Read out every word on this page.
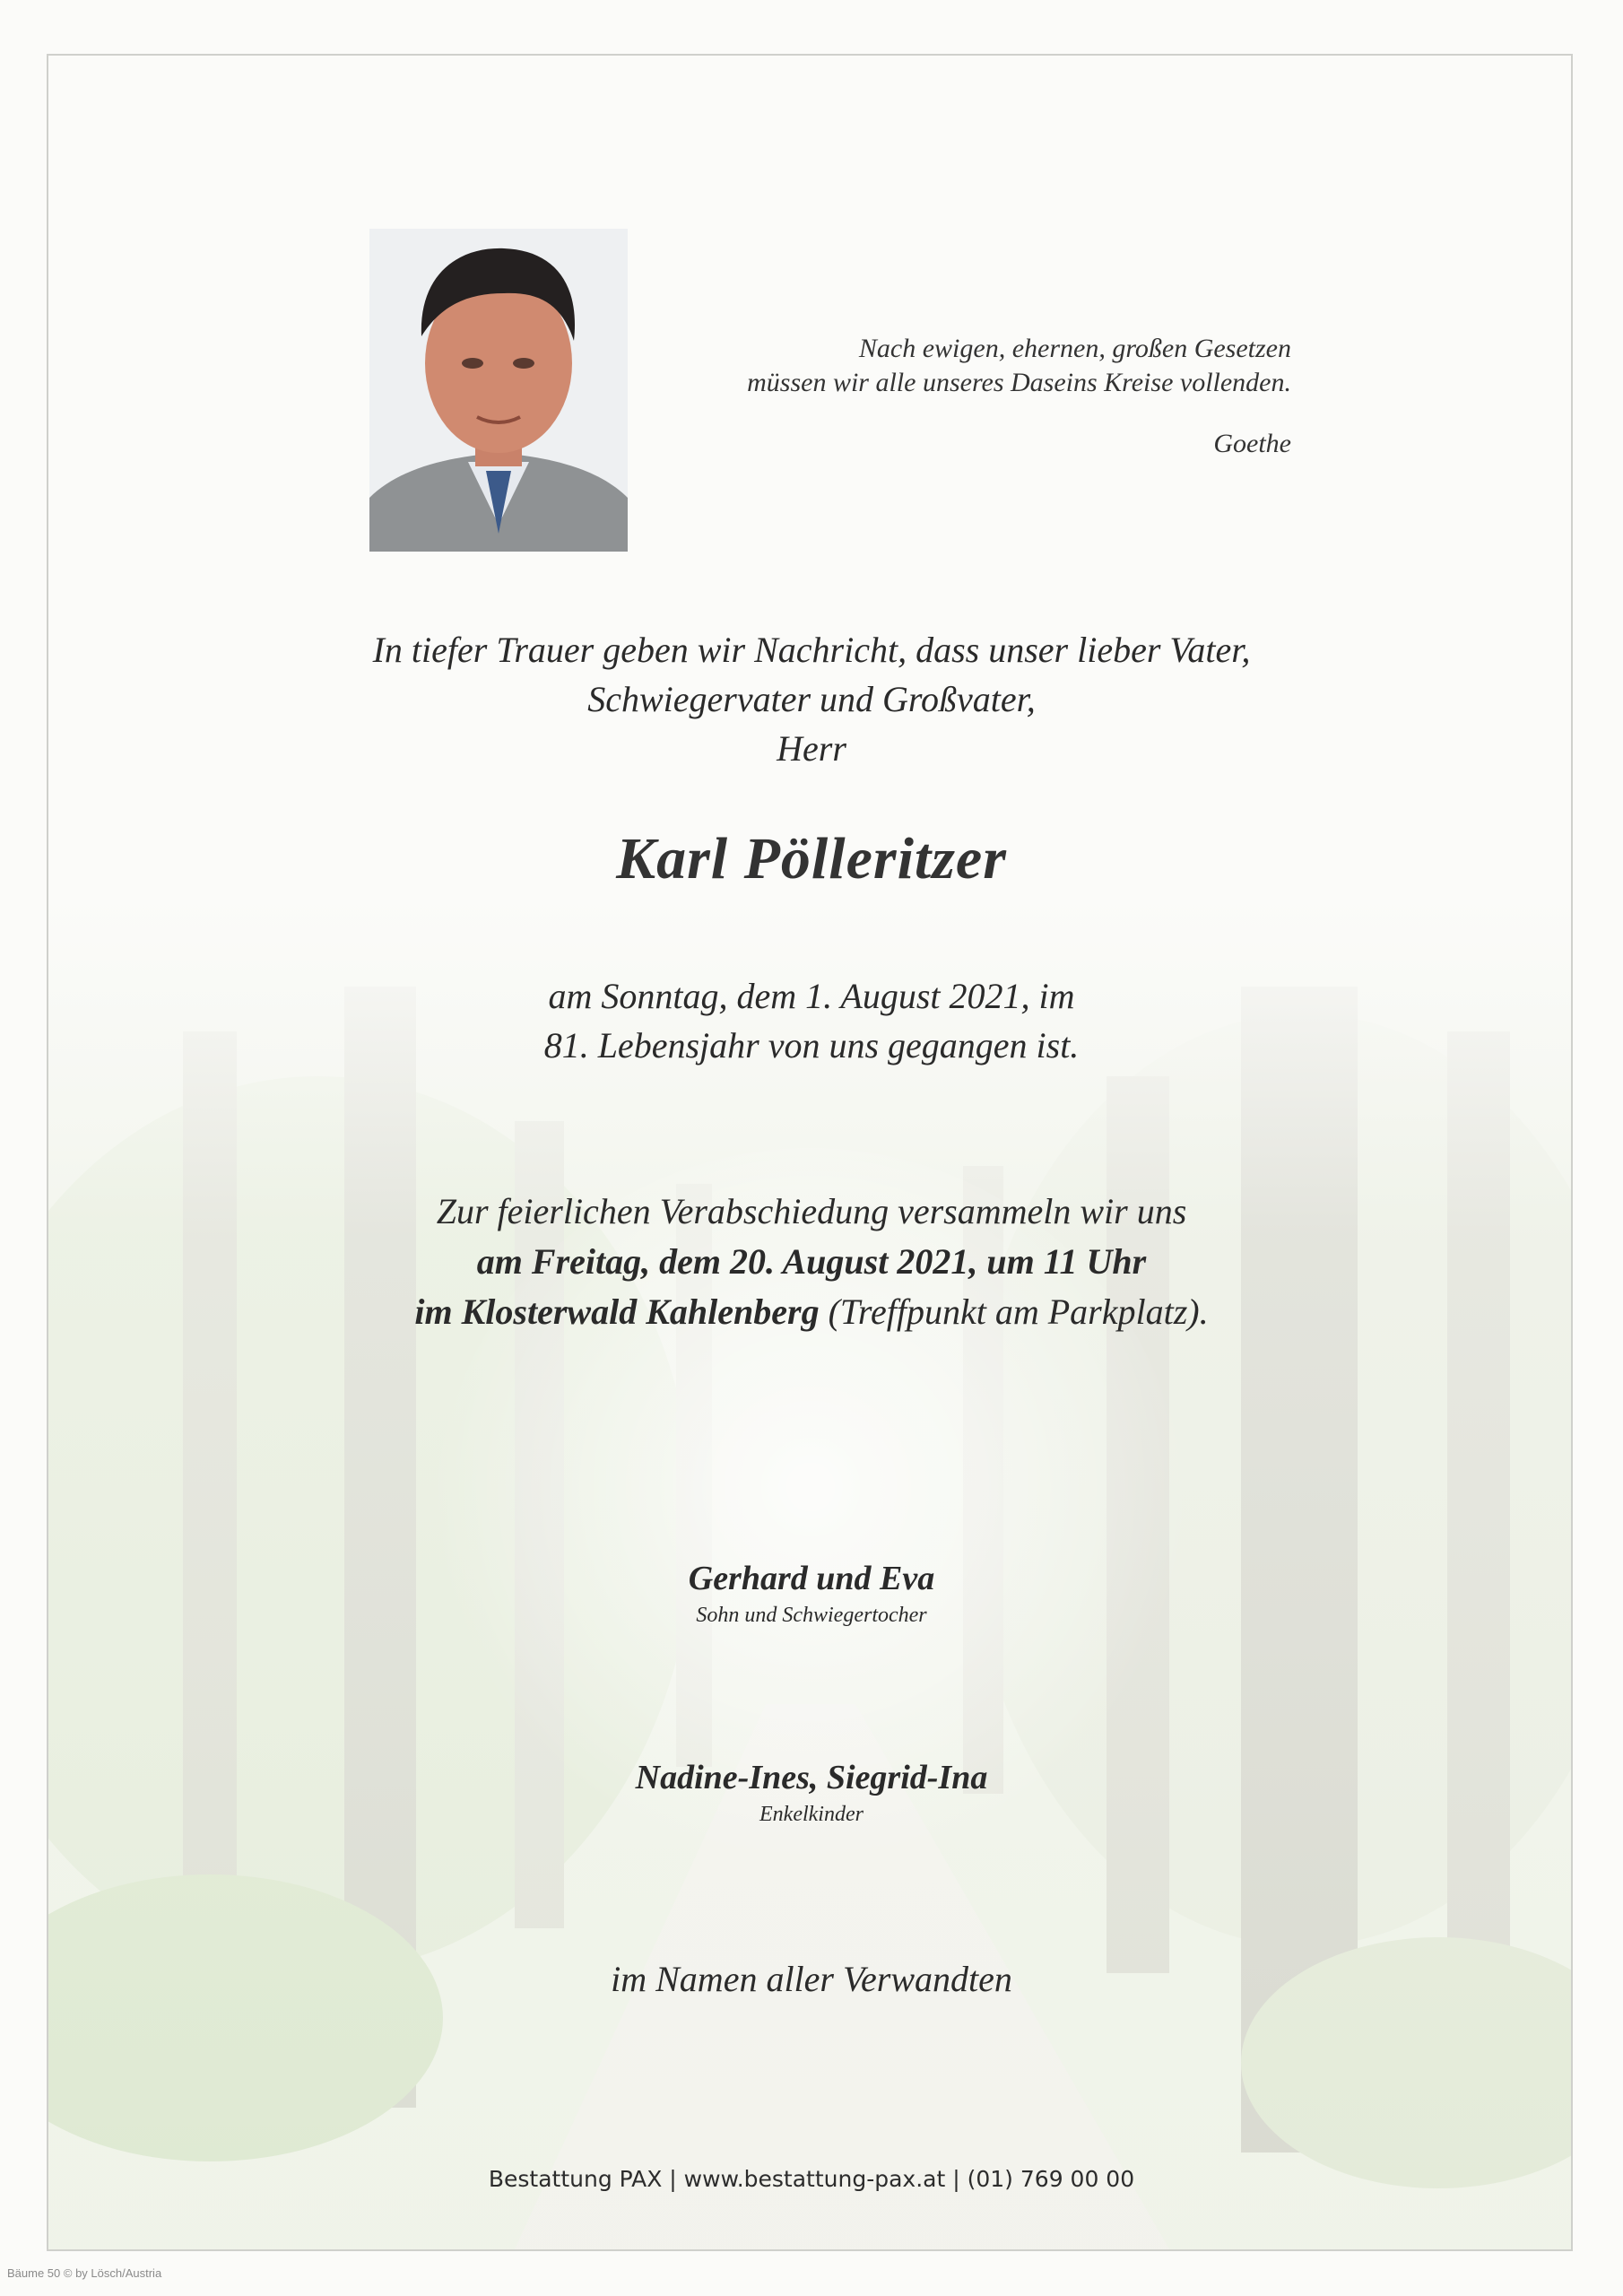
Nach ewigen, ehernen, großen Gesetzen
müssen wir alle unseres Daseins Kreise vollenden.
Goethe
In tiefer Trauer geben wir Nachricht, dass unser lieber Vater,
Schwiegervater und Großvater,
Herr
Karl Pölleritzer
am Sonntag, dem 1. August 2021, im
81. Lebensjahr von uns gegangen ist.
Zur feierlichen Verabschiedung versammeln wir uns
am Freitag, dem 20. August 2021, um 11 Uhr
im Klosterwald Kahlenberg (Treffpunkt am Parkplatz).
Gerhard und Eva
Sohn und Schwiegertocher
Nadine-Ines, Siegrid-Ina
Enkelkinder
im Namen aller Verwandten
Bestattung PAX | www.bestattung-pax.at | (01) 769 00 00
Bäume 50 © by Lösch/Austria
